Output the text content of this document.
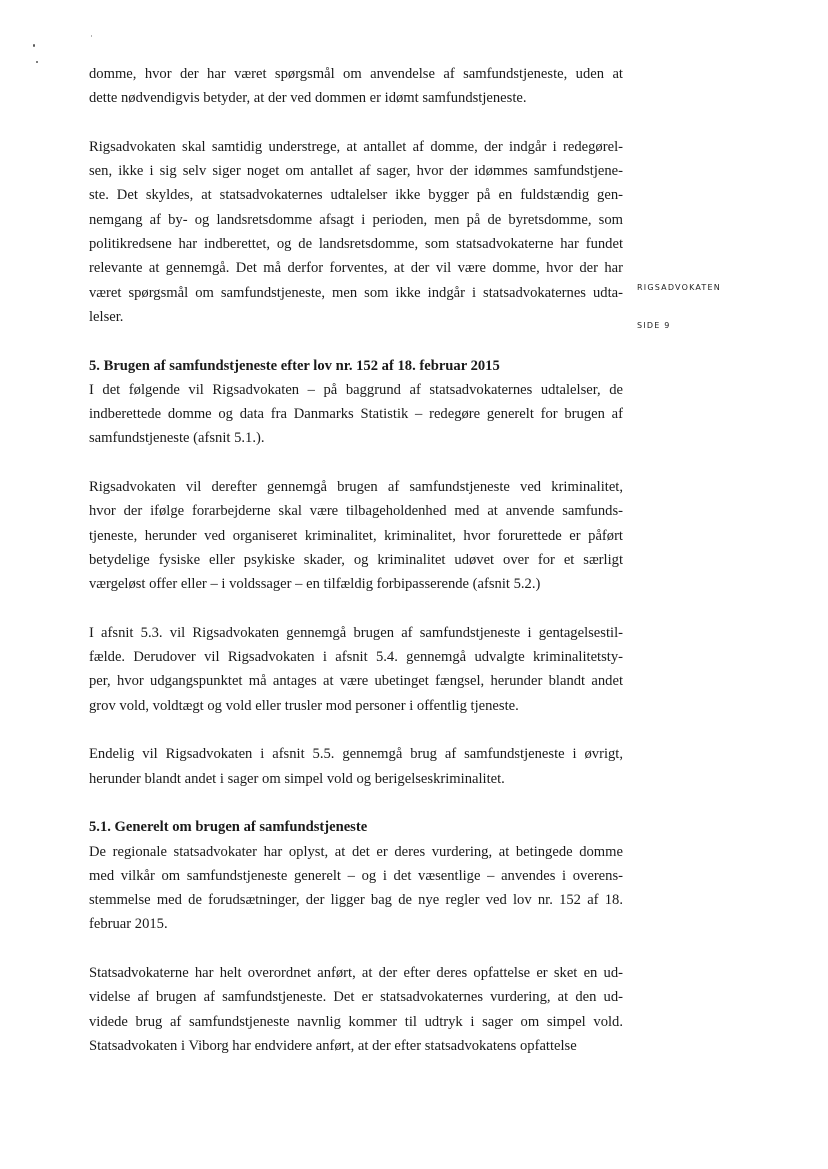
RIGSADVOKATEN
SIDE 9

domme, hvor der har været spørgsmål om anvendelse af samfundstjeneste, uden at
dette nødvendigvis betyder, at der ved dommen er idømt samfundstjeneste.

Rigsadvokaten skal samtidig understrege, at antallet af domme, der indgår i redegørel-
sen, ikke i sig selv siger noget om antallet af sager, hvor der idømmes samfundstjene-
ste. Det skyldes, at statsadvokaternes udtalelser ikke bygger på en fuldstændig gen-
nemgang af by- og landsretsdomme afsagt i perioden, men på de byretsdomme, som
politikredsene har indberettet, og de landsretsdomme, som statsadvokaterne har fundet
relevante at gennemgå. Det må derfor forventes, at der vil være domme, hvor der har
været spørgsmål om samfundstjeneste, men som ikke indgår i statsadvokaternes udta-
lelser.

5. Brugen af samfundstjeneste efter lov nr. 152 af 18. februar 2015

I det følgende vil Rigsadvokaten – på baggrund af statsadvokaternes udtalelser, de
indberettede domme og data fra Danmarks Statistik – redegøre generelt for brugen af
samfundstjeneste (afsnit 5.1.).

Rigsadvokaten vil derefter gennemgå brugen af samfundstjeneste ved kriminalitet,
hvor der ifølge forarbejderne skal være tilbageholdenhed med at anvende samfunds-
tjeneste, herunder ved organiseret kriminalitet, kriminalitet, hvor forurettede er påført
betydelige fysiske eller psykiske skader, og kriminalitet udøvet over for et særligt
værgeløst offer eller – i voldssager – en tilfældig forbipasserende (afsnit 5.2.)

I afsnit 5.3. vil Rigsadvokaten gennemgå brugen af samfundstjeneste i gentagelsestil-
fælde. Derudover vil Rigsadvokaten i afsnit 5.4. gennemgå udvalgte kriminalitetsty-
per, hvor udgangspunktet må antages at være ubetinget fængsel, herunder blandt andet
grov vold, voldtægt og vold eller trusler mod personer i offentlig tjeneste.

Endelig vil Rigsadvokaten i afsnit 5.5. gennemgå brug af samfundstjeneste i øvrigt,
herunder blandt andet i sager om simpel vold og berigelseskriminalitet.

5.1. Generelt om brugen af samfundstjeneste

De regionale statsadvokater har oplyst, at det er deres vurdering, at betingede domme
med vilkår om samfundstjeneste generelt – og i det væsentlige – anvendes i overens-
stemmelse med de forudsætninger, der ligger bag de nye regler ved lov nr. 152 af 18.
februar 2015.

Statsadvokaterne har helt overordnet anført, at der efter deres opfattelse er sket en ud-
videlse af brugen af samfundstjeneste. Det er statsadvokaternes vurdering, at den ud-
videde brug af samfundstjeneste navnlig kommer til udtryk i sager om simpel vold.
Statsadvokaten i Viborg har endvidere anført, at der efter statsadvokatens opfattelse
